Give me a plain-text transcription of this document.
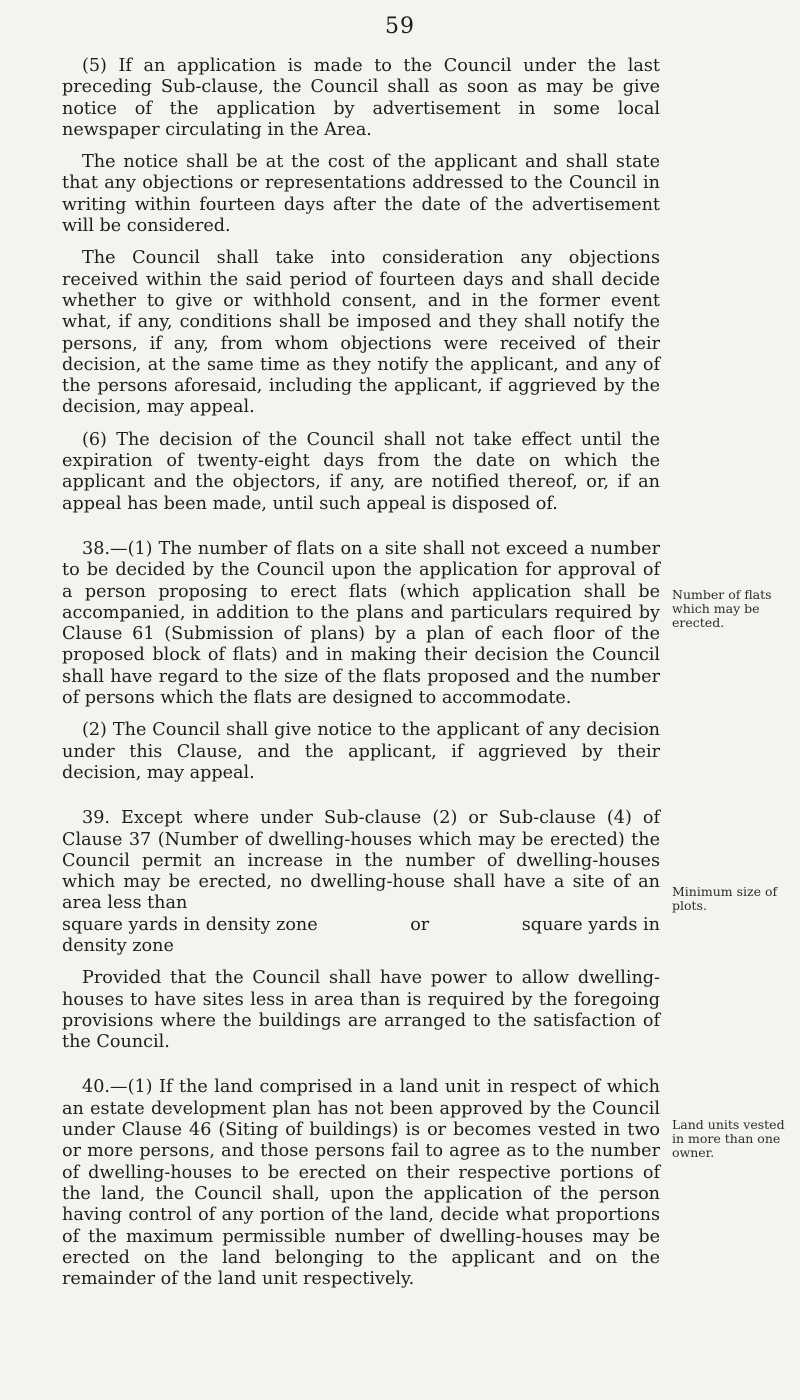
59

(5) If an application is made to the Council under the last preceding Sub-clause, the Council shall as soon as may be give notice of the application by advertisement in some local newspaper circulating in the Area.

The notice shall be at the cost of the applicant and shall state that any objections or representations addressed to the Council in writing within fourteen days after the date of the advertisement will be considered.

The Council shall take into consideration any objections received within the said period of fourteen days and shall decide whether to give or withhold consent, and in the former event what, if any, conditions shall be imposed and they shall notify the persons, if any, from whom objections were received of their decision, at the same time as they notify the applicant, and any of the persons aforesaid, including the applicant, if aggrieved by the decision, may appeal.

(6) The decision of the Council shall not take effect until the expiration of twenty-eight days from the date on which the applicant and the objectors, if any, are notified thereof, or, if an appeal has been made, until such appeal is disposed of.

38.—(1) The number of flats on a site shall not exceed a number to be decided by the Council upon the application for approval of a person proposing to erect flats (which application shall be accompanied, in addition to the plans and particulars required by Clause 61 (Submission of plans) by a plan of each floor of the proposed block of flats) and in making their decision the Council shall have regard to the size of the flats proposed and the number of persons which the flats are designed to accommodate.

(2) The Council shall give notice to the applicant of any decision under this Clause, and the applicant, if aggrieved by their decision, may appeal.

39. Except where under Sub-clause (2) or Sub-clause (4) of Clause 37 (Number of dwelling-houses which may be erected) the Council permit an increase in the number of dwelling-houses which may be erected, no dwelling-house shall have a site of an area less than

square yards in density zone	or	square yards in

density zone

Provided that the Council shall have power to allow dwelling-houses to have sites less in area than is required by the foregoing provisions where the buildings are arranged to the satisfaction of the Council.

40.—(1) If the land comprised in a land unit in respect of which an estate development plan has not been approved by the Council under Clause 46 (Siting of buildings) is or becomes vested in two or more persons, and those persons fail to agree as to the number of dwelling-houses to be erected on their respective portions of the land, the Council shall, upon the application of the person having control of any portion of the land, decide what proportions of the maximum permissible number of dwelling-houses may be erected on the land belonging to the applicant and on the remainder of the land unit respectively.

Number of flats which may be erected.
Minimum size of plots.
Land units vested in more than one owner.
